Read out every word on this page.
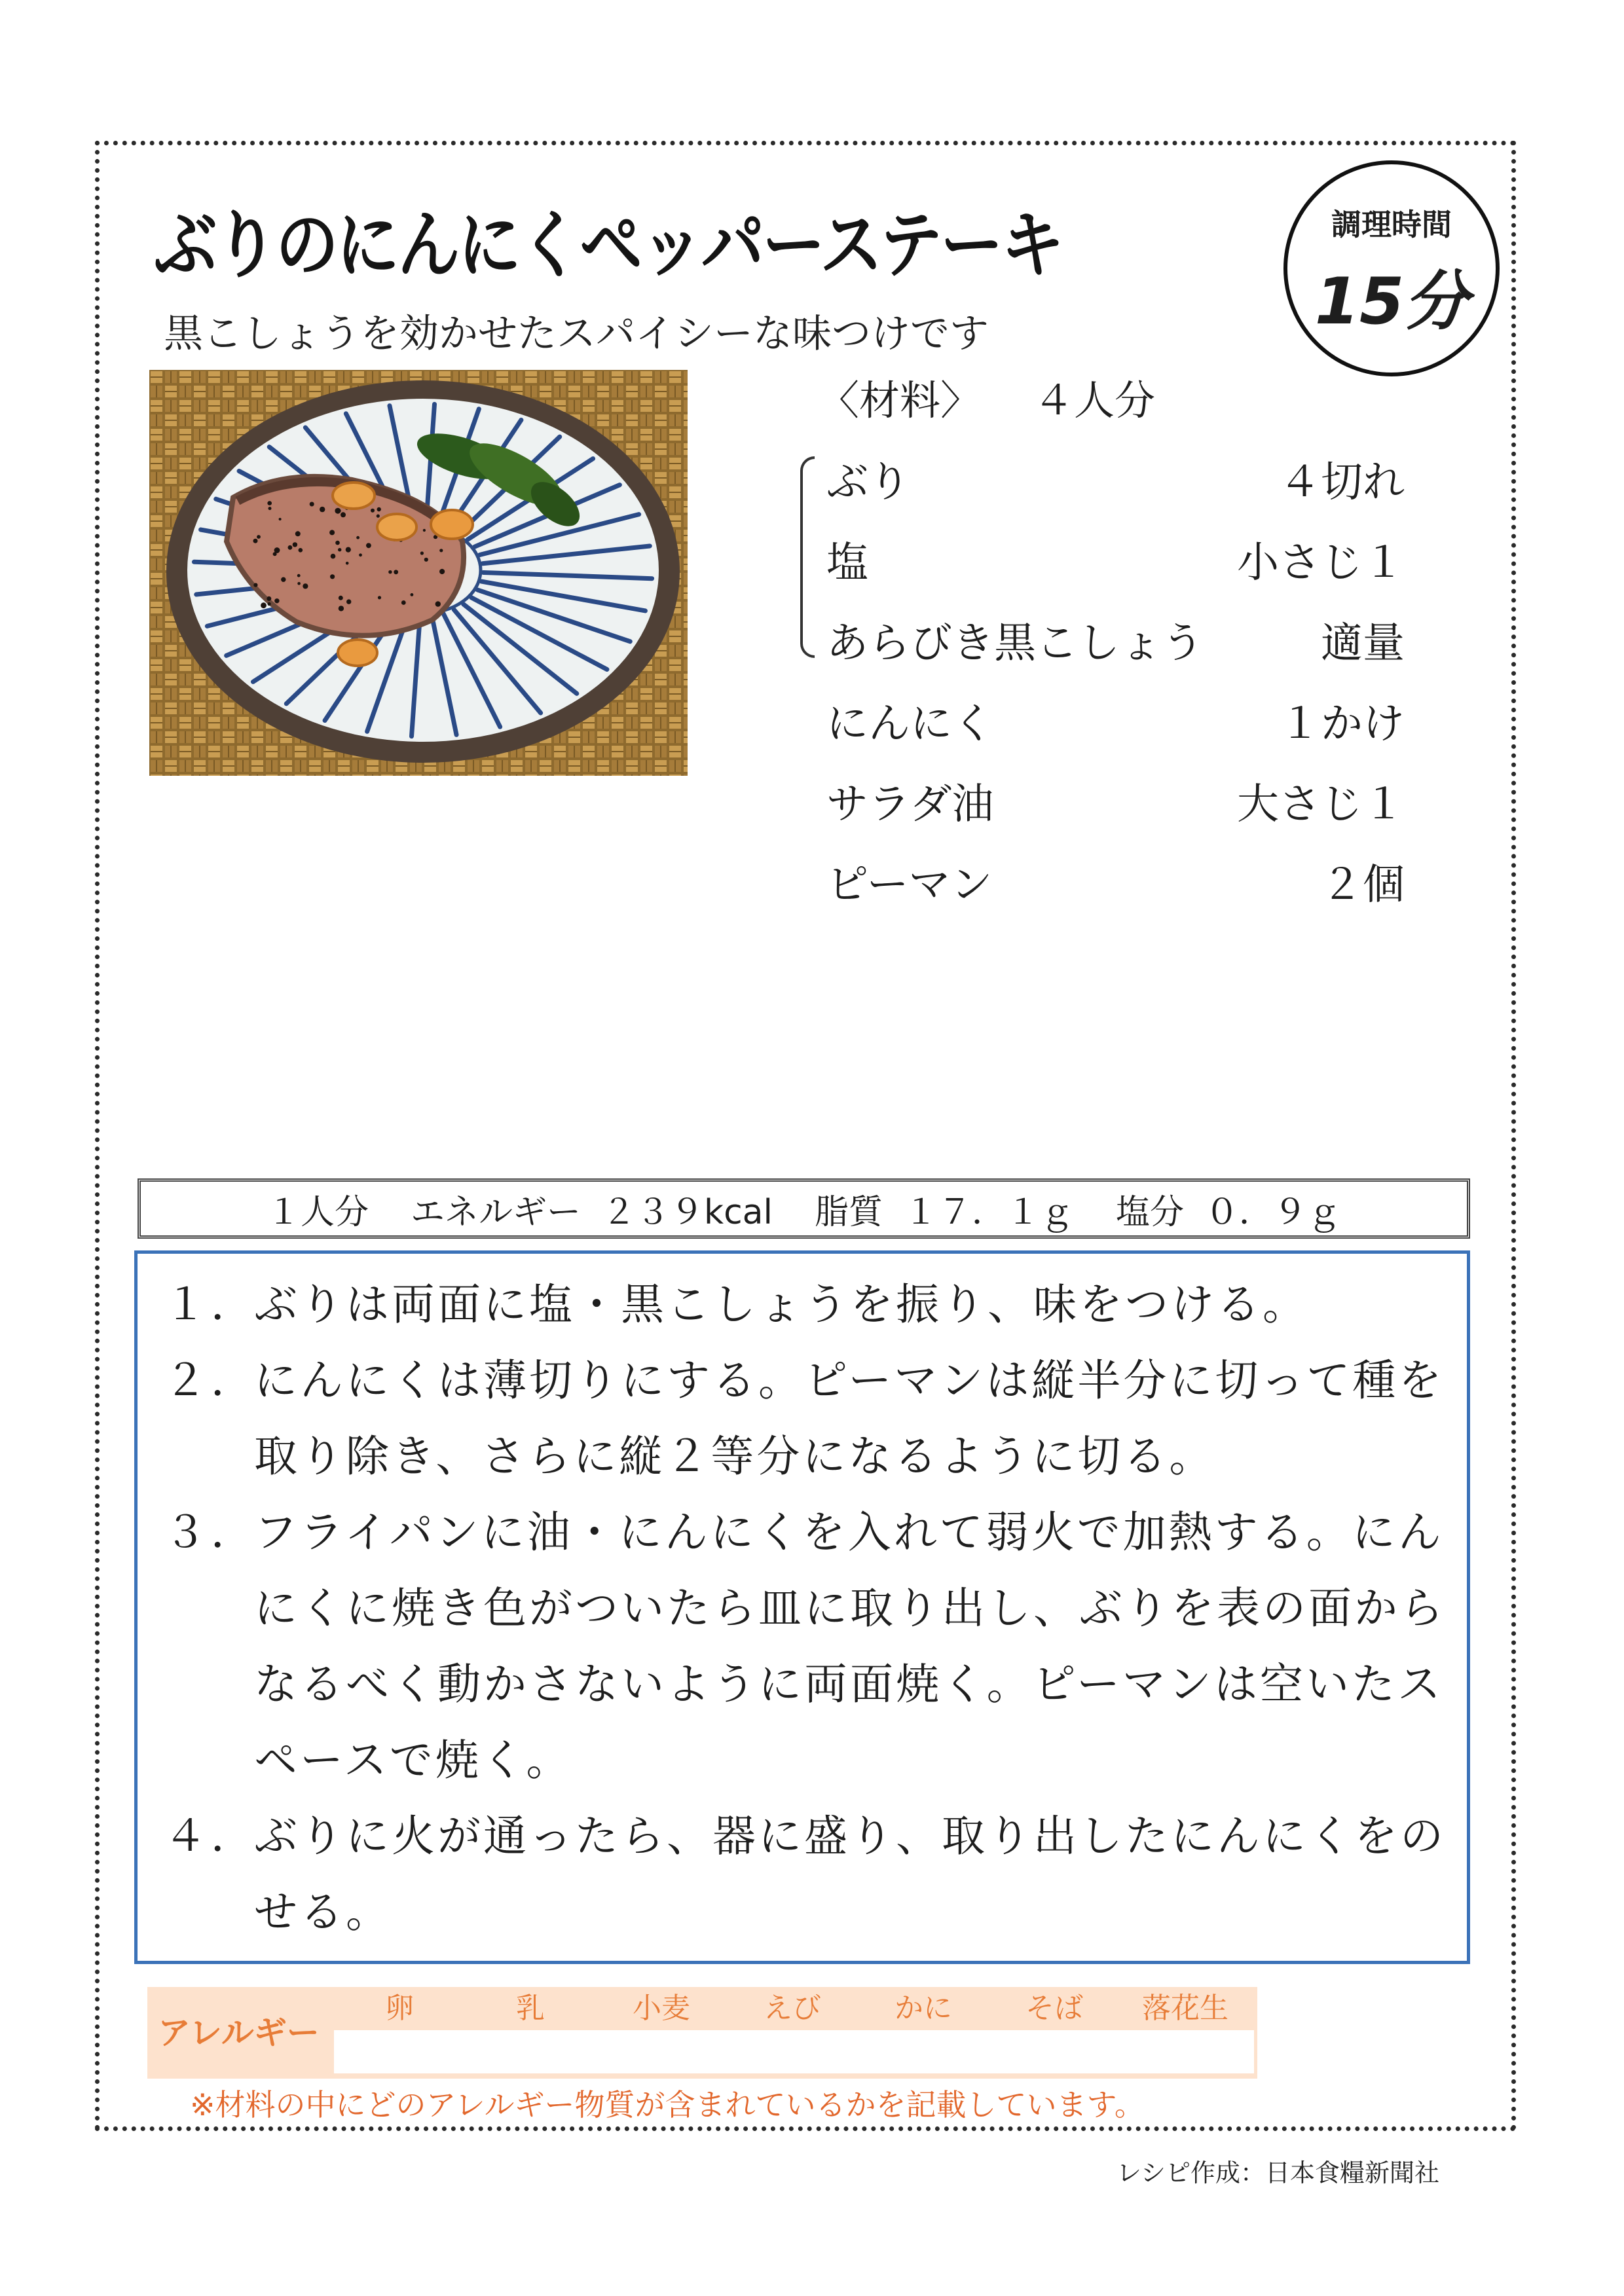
ぶりのにんにくペッパーステーキ
黒こしょうを効かせたスパイシーな味つけです
調理時間
15分
〈材料〉 ４人分
ぶり	４切れ
塩	小さじ１
あらびき黒こしょう	適量
にんにく	１かけ
サラダ油	大さじ１
ピーマン	２個
１人分 エネルギー ２３９kcal 脂質 １７．１ｇ 塩分 ０．９ｇ
１．
ぶりは両面に塩・黒こしょうを振り、味をつける。
２．
にんにくは薄切りにする。ピーマンは縦半分に切って種を取り除き、さらに縦２等分になるように切る。
３．
フライパンに油・にんにくを入れて弱火で加熱する。にんにくに焼き色がついたら皿に取り出し、ぶりを表の面からなるべく動かさないように両面焼く。ピーマンは空いたスペースで焼く。
４．
ぶりに火が通ったら、器に盛り、取り出したにんにくをのせる。
アレルギー
卵	乳	小麦	えび	かに	そば	落花生
※材料の中にどのアレルギー物質が含まれているかを記載しています。
レシピ作成：日本食糧新聞社
